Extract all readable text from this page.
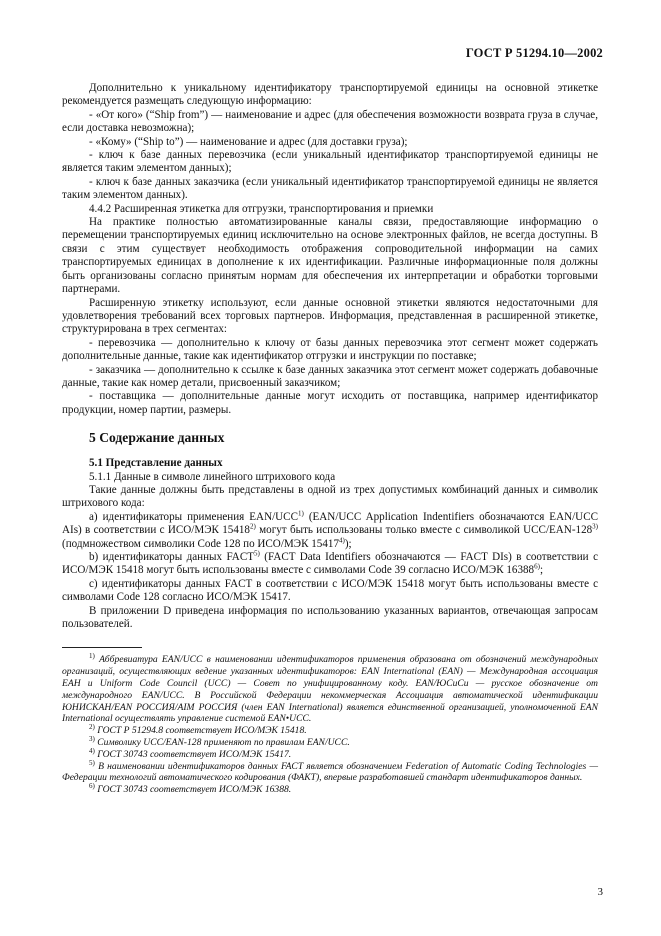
ГОСТ Р 51294.10—2002

Дополнительно к уникальному идентификатору транспортируемой единицы на основной этикетке рекомендуется размещать следующую информацию:

- «От кого» (“Ship from”) — наименование и адрес (для обеспечения возможности возврата груза в случае, если доставка невозможна);

- «Кому» (“Ship to”) — наименование и адрес (для доставки груза);

- ключ к базе данных перевозчика (если уникальный идентификатор транспортируемой единицы не является таким элементом данных);

- ключ к базе данных заказчика (если уникальный идентификатор транспортируемой единицы не является таким элементом данных).

4.4.2 Расширенная этикетка для отгрузки, транспортирования и приемки

На практике полностью автоматизированные каналы связи, предоставляющие информацию о перемещении транспортируемых единиц исключительно на основе электронных файлов, не всегда доступны. В связи с этим существует необходимость отображения сопроводительной информации на самих транспортируемых единицах в дополнение к их идентификации. Различные информационные поля должны быть организованы согласно принятым нормам для обеспечения их интерпретации и обработки торговыми партнерами.

Расширенную этикетку используют, если данные основной этикетки являются недостаточными для удовлетворения требований всех торговых партнеров. Информация, представленная в расширенной этикетке, структурирована в трех сегментах:

- перевозчика — дополнительно к ключу от базы данных перевозчика этот сегмент может содержать дополнительные данные, такие как идентификатор отгрузки и инструкции по поставке;

- заказчика — дополнительно к ссылке к базе данных заказчика этот сегмент может содержать добавочные данные, такие как номер детали, присвоенный заказчиком;

- поставщика — дополнительные данные могут исходить от поставщика, например идентификатор продукции, номер партии, размеры.

5 Содержание данных
5.1 Представление данных

5.1.1 Данные в символе линейного штрихового кода

Такие данные должны быть представлены в одной из трех допустимых комбинаций данных и символик штрихового кода:

а) идентификаторы применения EAN/UCC$^{1)}$ (EAN/UCC Application Indentifiers обозначаются EAN/UCC AIs) в соответствии с ИСО/МЭК 15418$^{2)}$ могут быть использованы только вместе с символикой UCC/EAN-128$^{3)}$ (подмножеством символики Code 128 по ИСО/МЭК 15417$^{4)}$);

b) идентификаторы данных FACT$^{5)}$ (FACT Data Identifiers обозначаются — FACT DIs) в соответствии с ИСО/МЭК 15418 могут быть использованы вместе с символами Code 39 согласно ИСО/МЭК 16388$^{6)}$;

с) идентификаторы данных FACT в соответствии с ИСО/МЭК 15418 могут быть использованы вместе с символами Code 128 согласно ИСО/МЭК 15417.

В приложении D приведена информация по использованию указанных вариантов, отвечающая запросам пользователей.

$^{1)}$ Аббревиатура EAN/UCC в наименовании идентификаторов применения образована от обозначений международных организаций, осуществляющих ведение указанных идентификаторов: EAN International (EAN) — Международная ассоциация EAH и Uniform Code Council (UCC) — Совет по унифицированному коду. EAN/ЮСиСи — русское обозначение от международного EAN/UCC. В Российской Федерации некоммерческая Ассоциация автоматической идентификации ЮНИСКАН/EAN РОССИЯ/AIM РОССИЯ (член EAN International) является единственной организацией, уполномоченной EAN International осуществлять управление системой EAN•UCC.

$^{2)}$ ГОСТ Р 51294.8 соответствует ИСО/МЭК 15418.

$^{3)}$ Символику UCC/EAN-128 применяют по правилам EAN/UCC.

$^{4)}$ ГОСТ 30743 соответствует ИСО/МЭК 15417.

$^{5)}$ В наименовании идентификаторов данных FACT является обозначением Federation of Automatic Coding Technologies — Федерации технологий автоматического кодирования (ФАКТ), впервые разработавшей стандарт идентификаторов данных.

$^{6)}$ ГОСТ 30743 соответствует ИСО/МЭК 16388.

3
